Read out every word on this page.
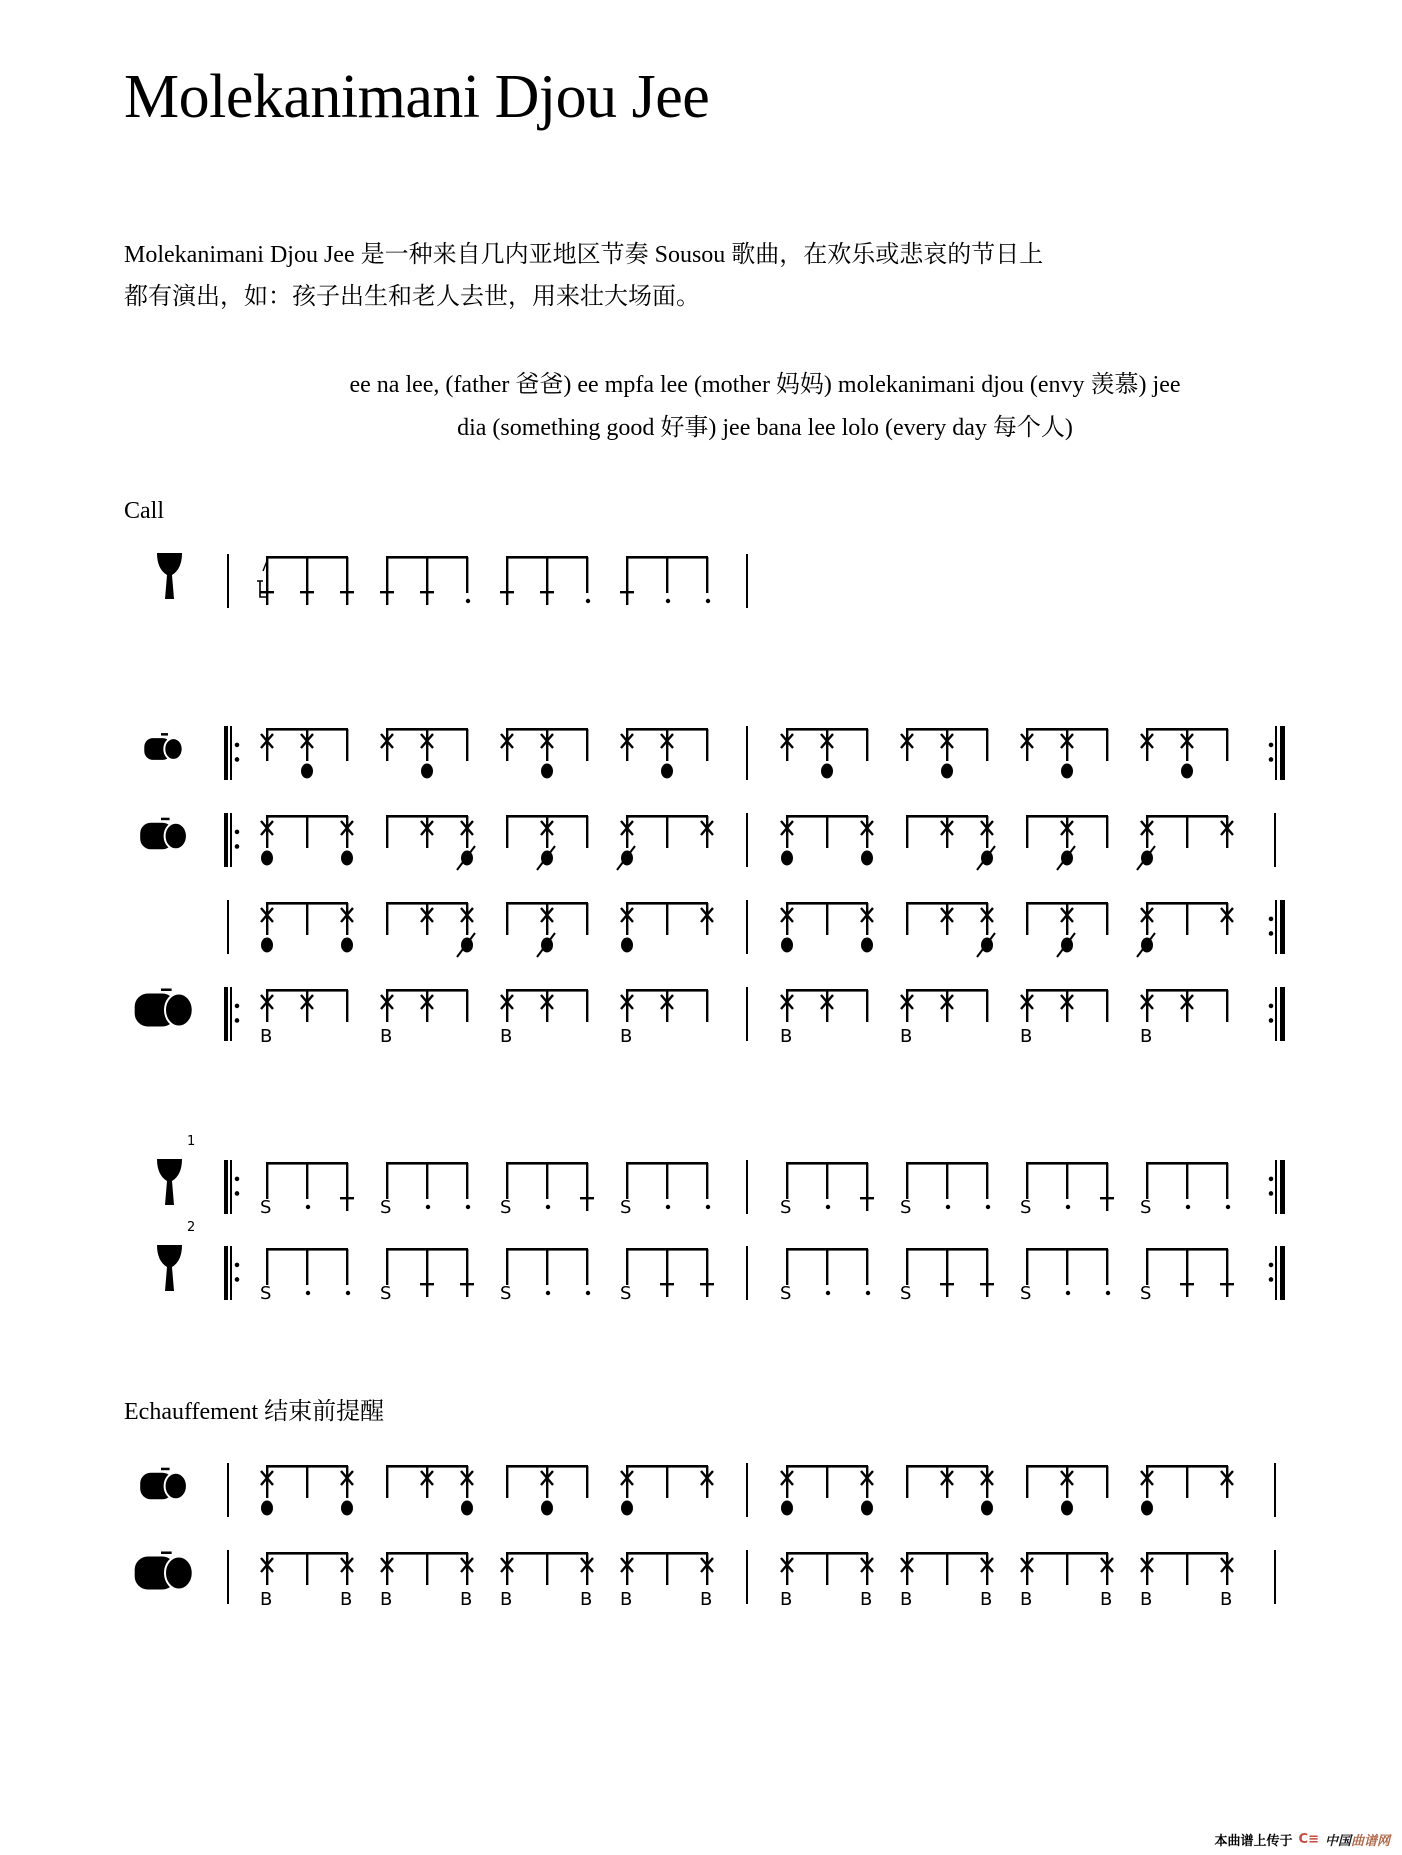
Molekanimani Djou Jee
Molekanimani Djou Jee 是一种来自几内亚地区节奏 Sousou 歌曲，在欢乐或悲哀的节日上
都有演出，如：孩子出生和老人去世，用来壮大场面。
ee na lee, (father 爸爸) ee mpfa lee (mother 妈妈) molekanimani djou (envy 羡慕) jee
dia (something good 好事) jee bana lee lolo (every day 每个人)
Call
Echauffement 结束前提醒
B	B	B	B	B	B	B	B
1
S	S	S	S	S	S	S	S
2
S	S	S	S	S	S	S	S
B	B B	B B	B B	B	B	B B	B B	B B	B
本曲谱上传于 C≡ 中国曲谱网
